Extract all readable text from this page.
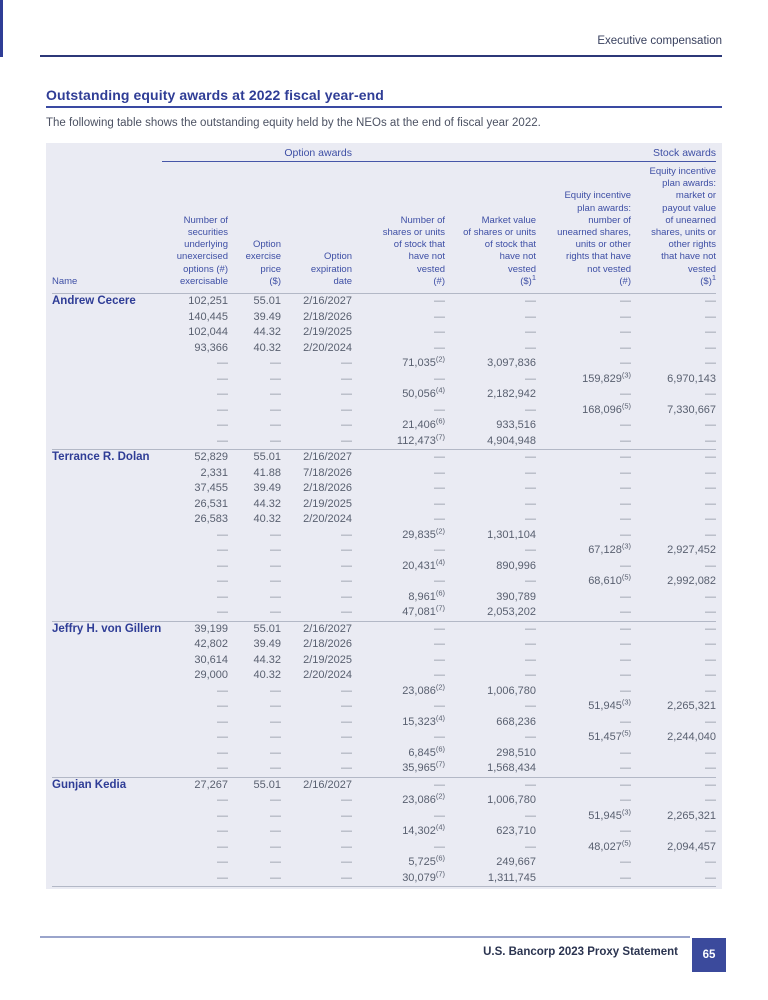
Executive compensation
Outstanding equity awards at 2022 fiscal year-end
The following table shows the outstanding equity held by the NEOs at the end of fiscal year 2022.
	Option awards			Stock awards			
Name	Number of
securities
underlying
unexercised
options (#)
exercisable	Option
exercise
price
($)	Option
expiration
date	Number of
shares or units
of stock that
have not
vested
(#)	Market value
of shares or units
of stock that
have not
vested
($)$^1$	Equity incentive
plan awards:
number of
unearned shares,
units or other
rights that have
not vested
(#)	Equity incentive
plan awards:
market or
payout value
of unearned
shares, units or
other rights
that have not
vested
($)$^1$
Andrew Cecere	102,251	55.01	2/16/2027	—	—	—	—
	140,445	39.49	2/18/2026	—	—	—	—
	102,044	44.32	2/19/2025	—	—	—	—
	93,366	40.32	2/20/2024	—	—	—	—
	—	—	—	71,035$^{(2)}$	3,097,836	—	—
	—	—	—	—	—	159,829$^{(3)}$	6,970,143
	—	—	—	50,056$^{(4)}$	2,182,942	—	—
	—	—	—	—	—	168,096$^{(5)}$	7,330,667
	—	—	—	21,406$^{(6)}$	933,516	—	—
	—	—	—	112,473$^{(7)}$	4,904,948	—	—
Terrance R. Dolan	52,829	55.01	2/16/2027	—	—	—	—
	2,331	41.88	7/18/2026	—	—	—	—
	37,455	39.49	2/18/2026	—	—	—	—
	26,531	44.32	2/19/2025	—	—	—	—
	26,583	40.32	2/20/2024	—	—	—	—
	—	—	—	29,835$^{(2)}$	1,301,104	—	—
	—	—	—	—	—	67,128$^{(3)}$	2,927,452
	—	—	—	20,431$^{(4)}$	890,996	—	—
	—	—	—	—	—	68,610$^{(5)}$	2,992,082
	—	—	—	8,961$^{(6)}$	390,789	—	—
	—	—	—	47,081$^{(7)}$	2,053,202	—	—
Jeffry H. von Gillern	39,199	55.01	2/16/2027	—	—	—	—
	42,802	39.49	2/18/2026	—	—	—	—
	30,614	44.32	2/19/2025	—	—	—	—
	29,000	40.32	2/20/2024	—	—	—	—
	—	—	—	23,086$^{(2)}$	1,006,780	—	—
	—	—	—	—	—	51,945$^{(3)}$	2,265,321
	—	—	—	15,323$^{(4)}$	668,236	—	—
	—	—	—	—	—	51,457$^{(5)}$	2,244,040
	—	—	—	6,845$^{(6)}$	298,510	—	—
	—	—	—	35,965$^{(7)}$	1,568,434	—	—
Gunjan Kedia	27,267	55.01	2/16/2027	—	—	—	—
	—	—	—	23,086$^{(2)}$	1,006,780	—	—
	—	—	—	—	—	51,945$^{(3)}$	2,265,321
	—	—	—	14,302$^{(4)}$	623,710	—	—
	—	—	—	—	—	48,027$^{(5)}$	2,094,457
	—	—	—	5,725$^{(6)}$	249,667	—	—
	—	—	—	30,079$^{(7)}$	1,311,745	—	—
U.S. Bancorp 2023 Proxy Statement	65
